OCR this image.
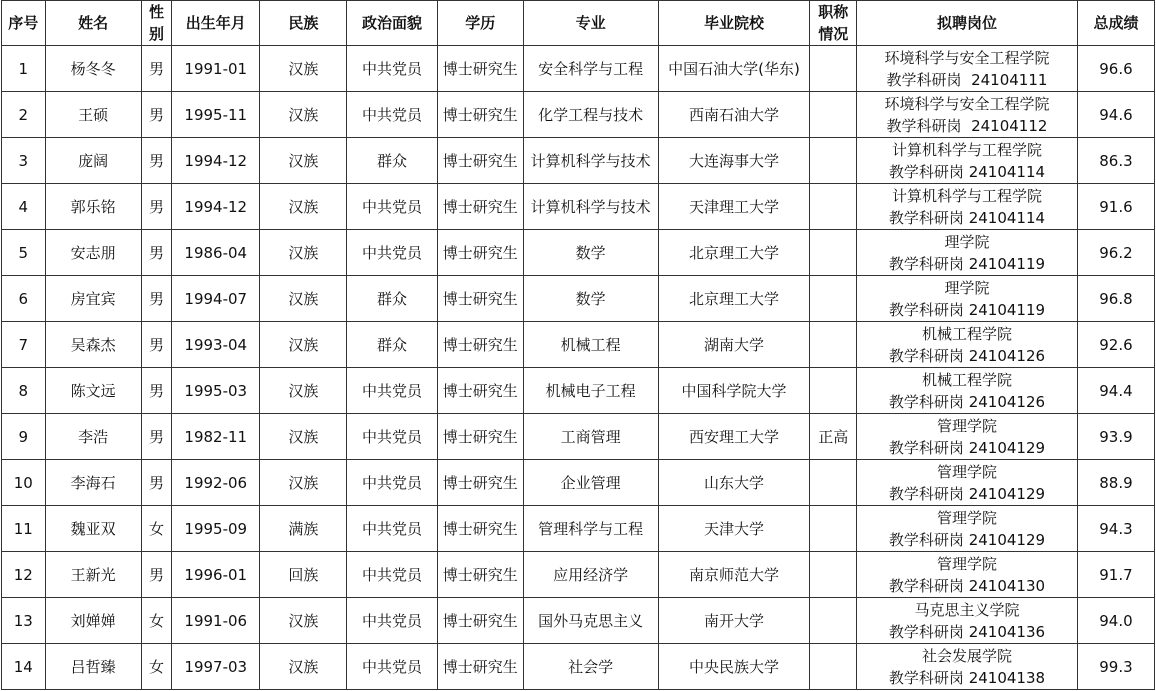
序号	姓名	性别	出生年月	民族	政治面貌	学历	专业	毕业院校	职称情况	拟聘岗位	总成绩
1	杨冬冬	男	1991-01	汉族	中共党员	博士研究生	安全科学与工程	中国石油大学(华东)		环境科学与安全工程学院
教学科研岗  24104111	96.6
2	王硕	男	1995-11	汉族	中共党员	博士研究生	化学工程与技术	西南石油大学		环境科学与安全工程学院
教学科研岗  24104112	94.6
3	庞阔	男	1994-12	汉族	群众	博士研究生	计算机科学与技术	大连海事大学		计算机科学与工程学院
教学科研岗 24104114	86.3
4	郭乐铭	男	1994-12	汉族	中共党员	博士研究生	计算机科学与技术	天津理工大学		计算机科学与工程学院
教学科研岗 24104114	91.6
5	安志朋	男	1986-04	汉族	中共党员	博士研究生	数学	北京理工大学		理学院
教学科研岗 24104119	96.2
6	房宜宾	男	1994-07	汉族	群众	博士研究生	数学	北京理工大学		理学院
教学科研岗 24104119	96.8
7	吴森杰	男	1993-04	汉族	群众	博士研究生	机械工程	湖南大学		机械工程学院
教学科研岗 24104126	92.6
8	陈文远	男	1995-03	汉族	中共党员	博士研究生	机械电子工程	中国科学院大学		机械工程学院
教学科研岗 24104126	94.4
9	李浩	男	1982-11	汉族	中共党员	博士研究生	工商管理	西安理工大学	正高	管理学院
教学科研岗 24104129	93.9
10	李海石	男	1992-06	汉族	中共党员	博士研究生	企业管理	山东大学		管理学院
教学科研岗 24104129	88.9
11	魏亚双	女	1995-09	满族	中共党员	博士研究生	管理科学与工程	天津大学		管理学院
教学科研岗 24104129	94.3
12	王新光	男	1996-01	回族	中共党员	博士研究生	应用经济学	南京师范大学		管理学院
教学科研岗 24104130	91.7
13	刘婵婵	女	1991-06	汉族	中共党员	博士研究生	国外马克思主义	南开大学		马克思主义学院
教学科研岗 24104136	94.0
14	吕哲臻	女	1997-03	汉族	中共党员	博士研究生	社会学	中央民族大学		社会发展学院
教学科研岗 24104138	99.3
